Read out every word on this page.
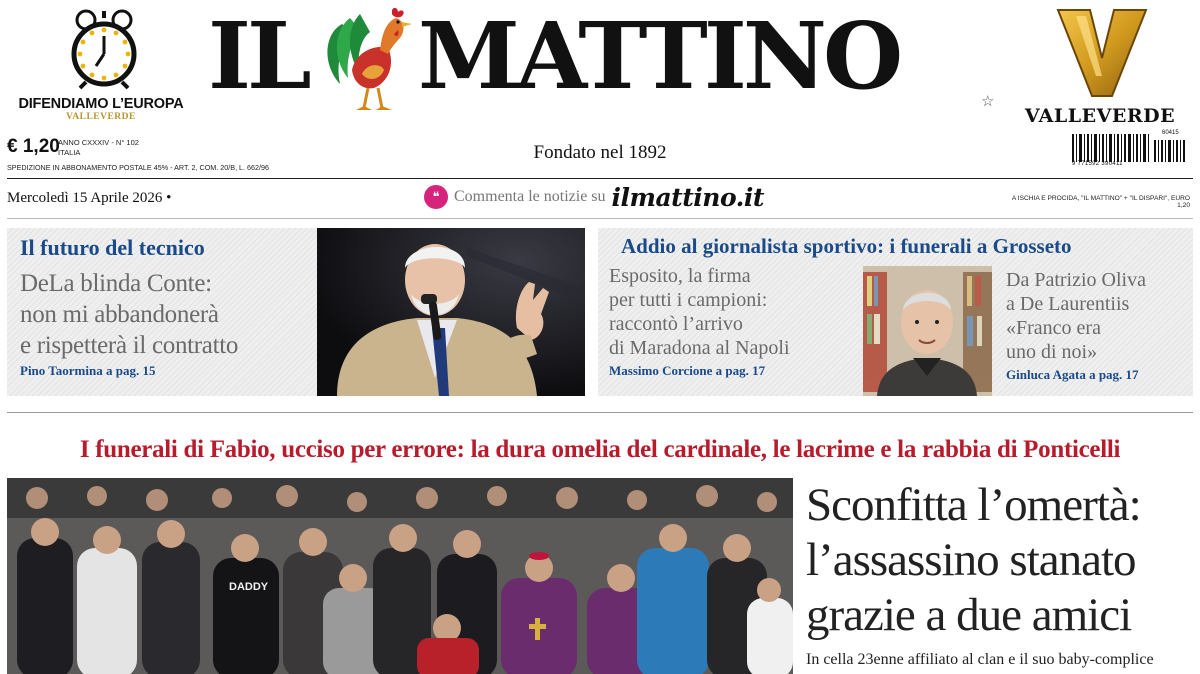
DIFENDIAMO L’EUROPA
VALLEVERDE
IL MATTINO	☆
VALLEVERDE
€ 1,20
ANNO CXXXIV - N° 102
ITALIA
SPEDIZIONE IN ABBONAMENTO POSTALE 45% - ART. 2, COM. 20/B, L. 662/96
Fondato nel 1892
60415
9 771592 390411
Mercoledì 15 Aprile 2026 •	❝ Commenta le notizie su ilmattino.it	A ISCHIA E PROCIDA, "IL MATTINO" + "IL DISPARI", EURO 1,20
Il futuro del tecnico
DeLa blinda Conte:
non mi abbandonerà
e rispetterà il contratto
Pino Taormina a pag. 15
Addio al giornalista sportivo: i funerali a Grosseto
Esposito, la firma
per tutti i campioni:
raccontò l’arrivo
di Maradona al Napoli
Massimo Corcione a pag. 17
Da Patrizio Oliva
a De Laurentiis
«Franco era
uno di noi»
Ginluca Agata a pag. 17
I funerali di Fabio, ucciso per errore: la dura omelia del cardinale, le lacrime e la rabbia di Ponticelli
DADDY
Sconfitta l’omertà:
l’assassino stanato
grazie a due amici
In cella 23enne affiliato al clan e il suo baby-complice
